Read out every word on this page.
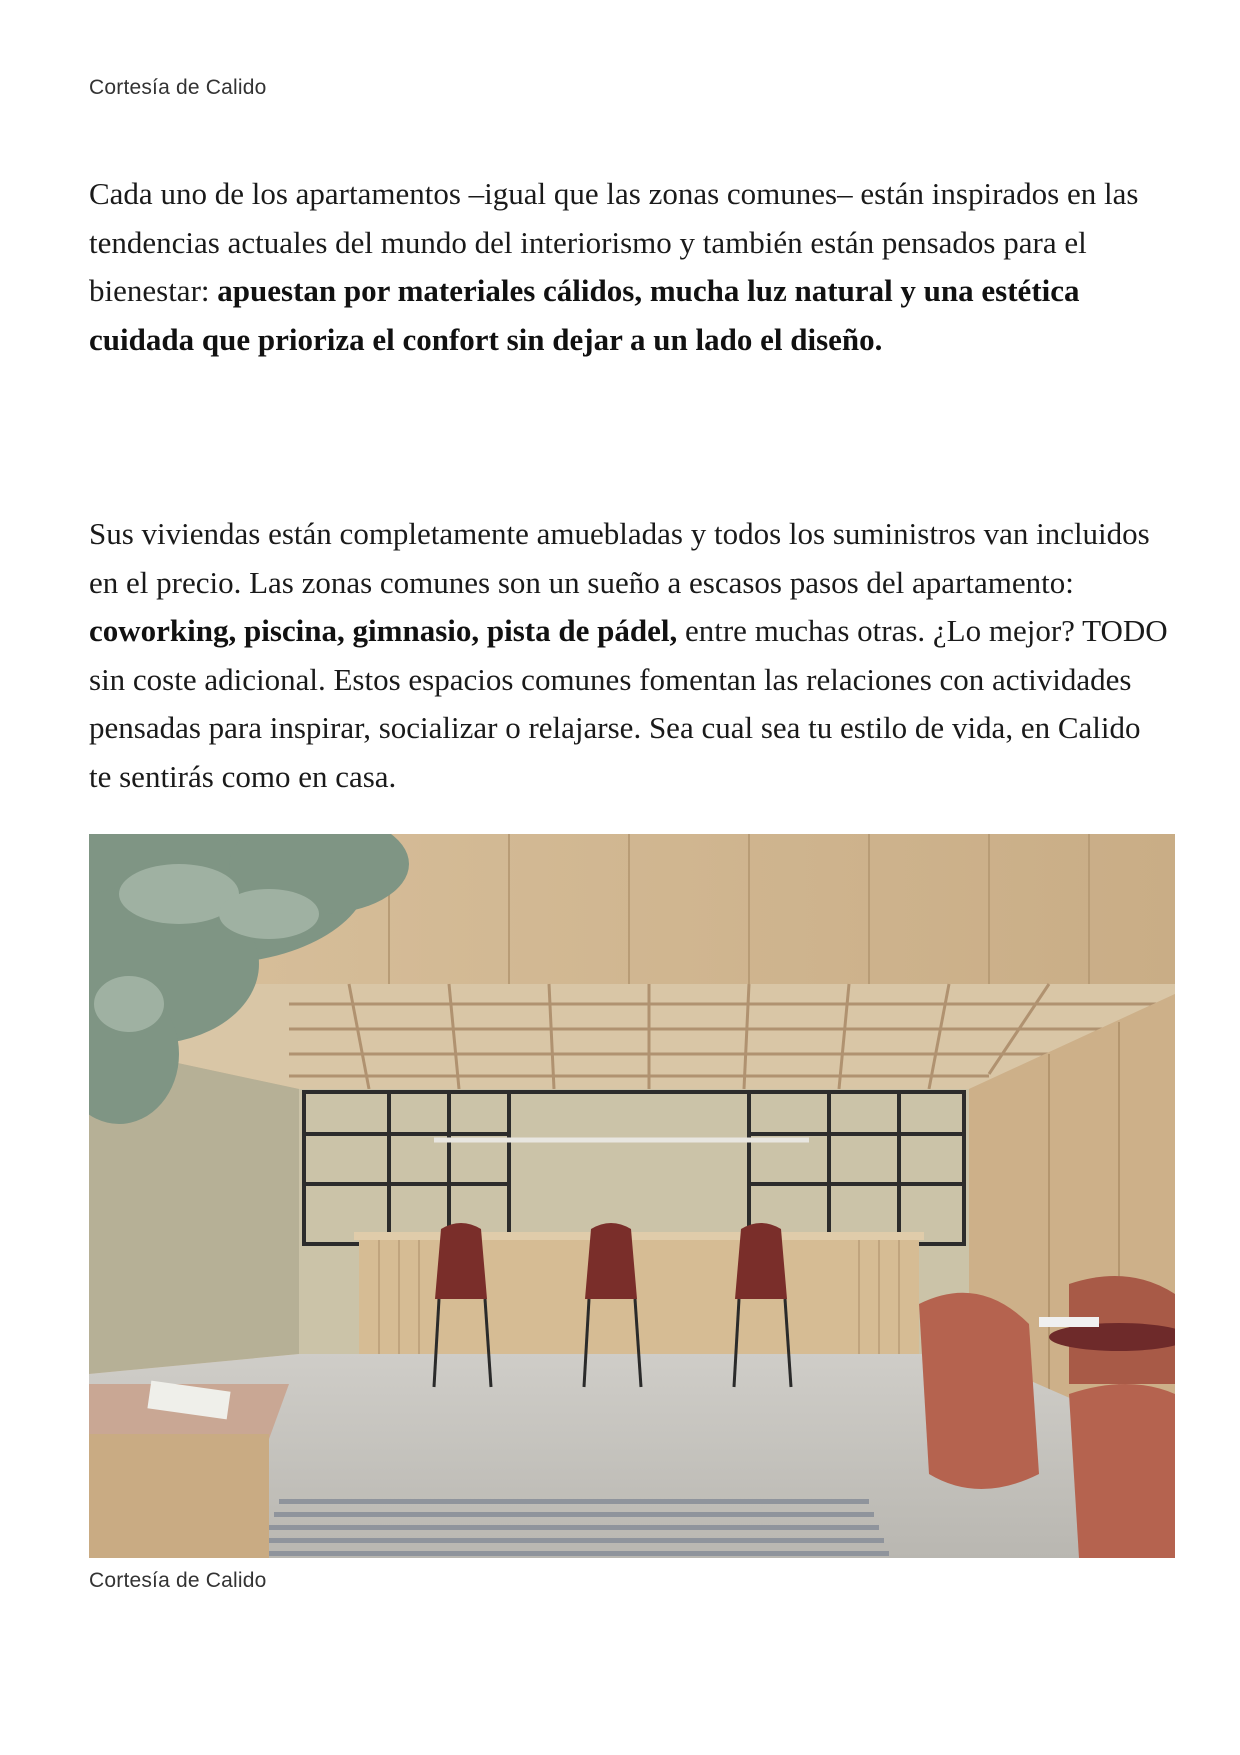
Cortesía de Calido

Cada uno de los apartamentos –igual que las zonas comunes– están inspirados en las tendencias actuales del mundo del interiorismo y también están pensados para el bienestar: apuestan por materiales cálidos, mucha luz natural y una estética cuidada que prioriza el confort sin dejar a un lado el diseño.

Sus viviendas están completamente amuebladas y todos los suministros van incluidos en el precio. Las zonas comunes son un sueño a escasos pasos del apartamento: coworking, piscina, gimnasio, pista de pádel, entre muchas otras. ¿Lo mejor? TODO sin coste adicional. Estos espacios comunes fomentan las relaciones con actividades pensadas para inspirar, socializar o relajarse. Sea cual sea tu estilo de vida, en Calido te sentirás como en casa.

Cortesía de Calido
